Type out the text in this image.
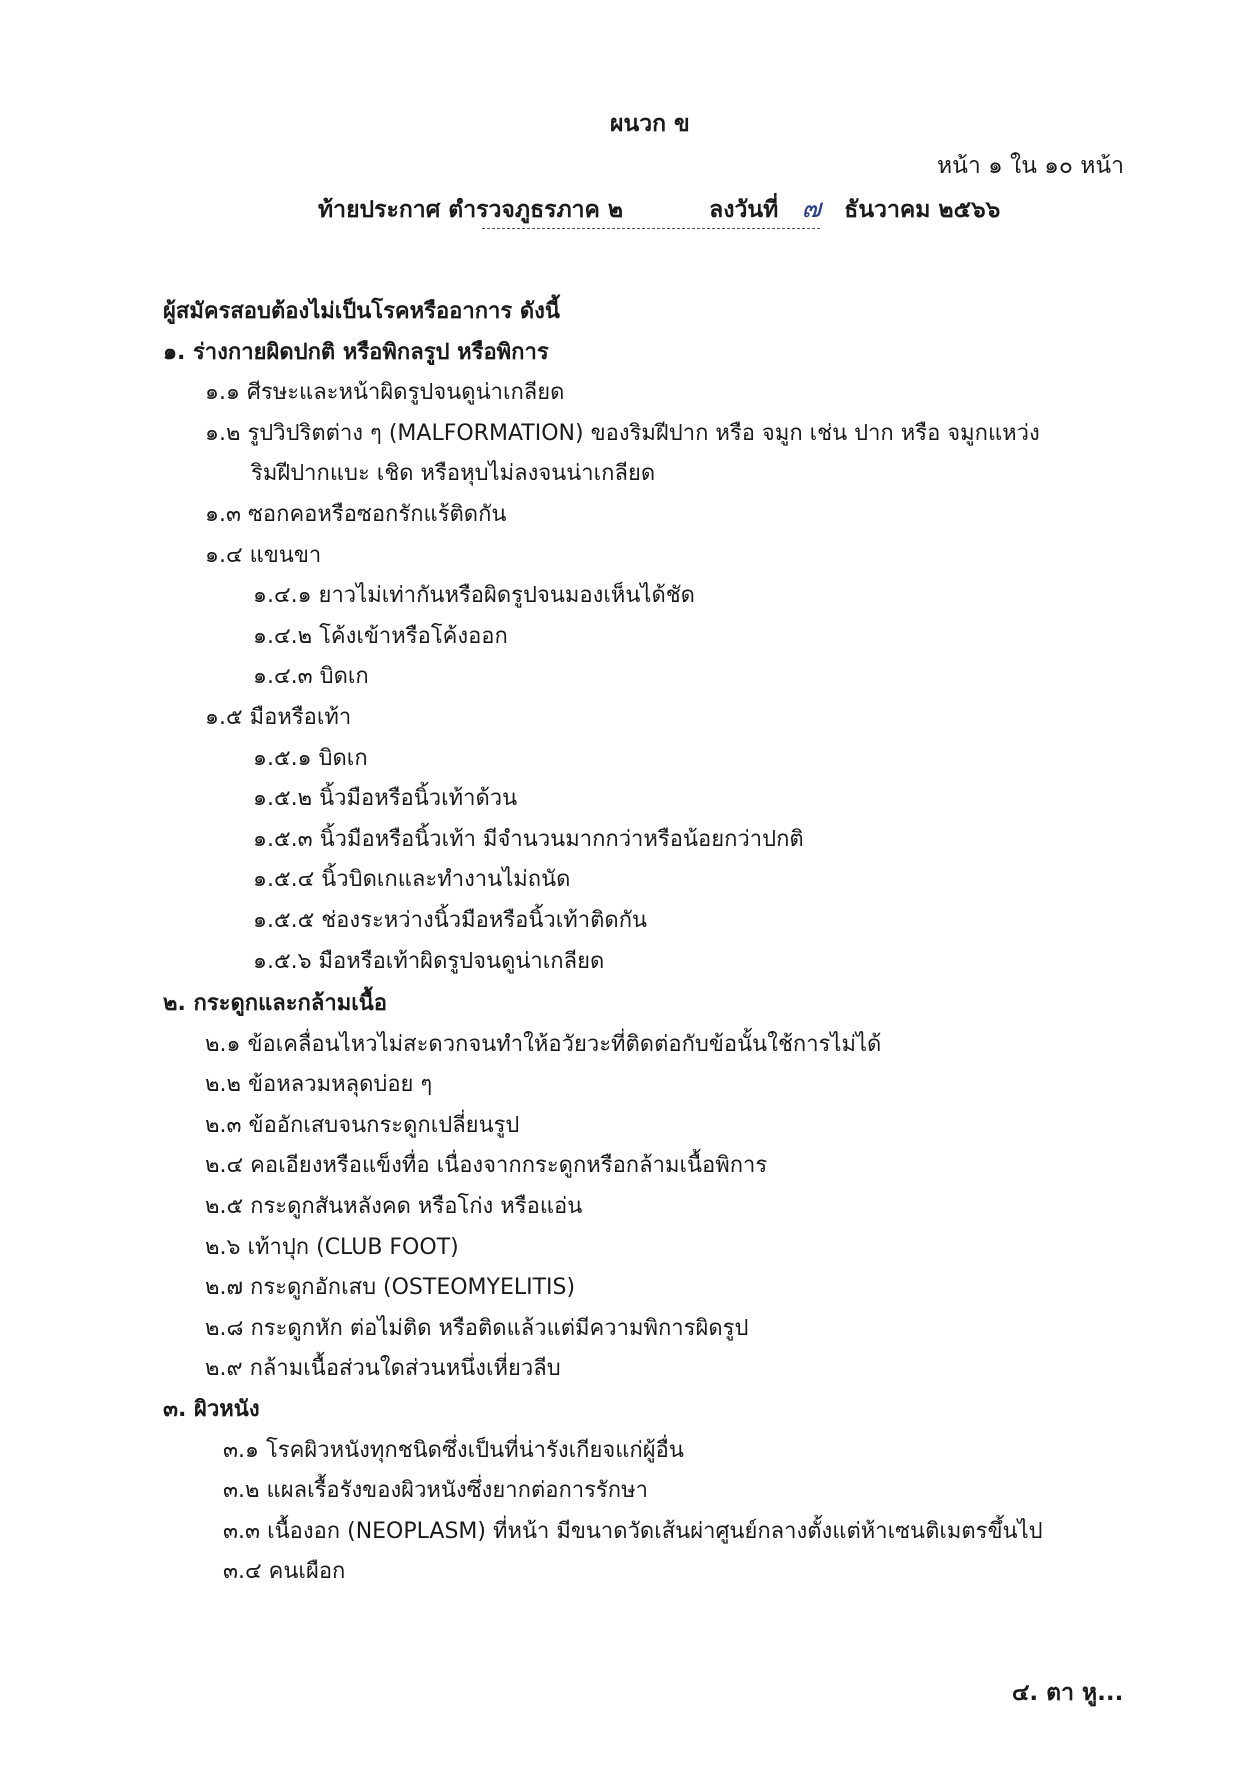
ผนวก ข
หน้า ๑ ใน ๑๐ หน้า
ท้ายประกาศ ตำรวจภูธรภาค ๒	ลงวันที่ ๗ ธันวาคม ๒๕๖๖
ผู้สมัครสอบต้องไม่เป็นโรคหรืออาการ ดังนี้
๑. ร่างกายผิดปกติ หรือพิกลรูป หรือพิการ
๑.๑ ศีรษะและหน้าผิดรูปจนดูน่าเกลียด
๑.๒ รูปวิปริตต่าง ๆ (MALFORMATION) ของริมฝีปาก หรือ จมูก เช่น ปาก หรือ จมูกแหว่ง
ริมฝีปากแบะ เชิด หรือหุบไม่ลงจนน่าเกลียด
๑.๓ ซอกคอหรือซอกรักแร้ติดกัน
๑.๔ แขนขา
๑.๔.๑ ยาวไม่เท่ากันหรือผิดรูปจนมองเห็นได้ชัด
๑.๔.๒ โค้งเข้าหรือโค้งออก
๑.๔.๓ บิดเก
๑.๕ มือหรือเท้า
๑.๕.๑ บิดเก
๑.๕.๒ นิ้วมือหรือนิ้วเท้าด้วน
๑.๕.๓ นิ้วมือหรือนิ้วเท้า มีจำนวนมากกว่าหรือน้อยกว่าปกติ
๑.๕.๔ นิ้วบิดเกและทำงานไม่ถนัด
๑.๕.๕ ช่องระหว่างนิ้วมือหรือนิ้วเท้าติดกัน
๑.๕.๖ มือหรือเท้าผิดรูปจนดูน่าเกลียด
๒. กระดูกและกล้ามเนื้อ
๒.๑ ข้อเคลื่อนไหวไม่สะดวกจนทำให้อวัยวะที่ติดต่อกับข้อนั้นใช้การไม่ได้
๒.๒ ข้อหลวมหลุดบ่อย ๆ
๒.๓ ข้ออักเสบจนกระดูกเปลี่ยนรูป
๒.๔ คอเอียงหรือแข็งทื่อ เนื่องจากกระดูกหรือกล้ามเนื้อพิการ
๒.๕ กระดูกสันหลังคด หรือโก่ง หรือแอ่น
๒.๖ เท้าปุก (CLUB FOOT)
๒.๗ กระดูกอักเสบ (OSTEOMYELITIS)
๒.๘ กระดูกหัก ต่อไม่ติด หรือติดแล้วแต่มีความพิการผิดรูป
๒.๙ กล้ามเนื้อส่วนใดส่วนหนึ่งเหี่ยวลีบ
๓. ผิวหนัง
๓.๑ โรคผิวหนังทุกชนิดซึ่งเป็นที่น่ารังเกียจแก่ผู้อื่น
๓.๒ แผลเรื้อรังของผิวหนังซึ่งยากต่อการรักษา
๓.๓ เนื้องอก (NEOPLASM) ที่หน้า มีขนาดวัดเส้นผ่าศูนย์กลางตั้งแต่ห้าเซนติเมตรขึ้นไป
๓.๔ คนเผือก
๔. ตา หู...
